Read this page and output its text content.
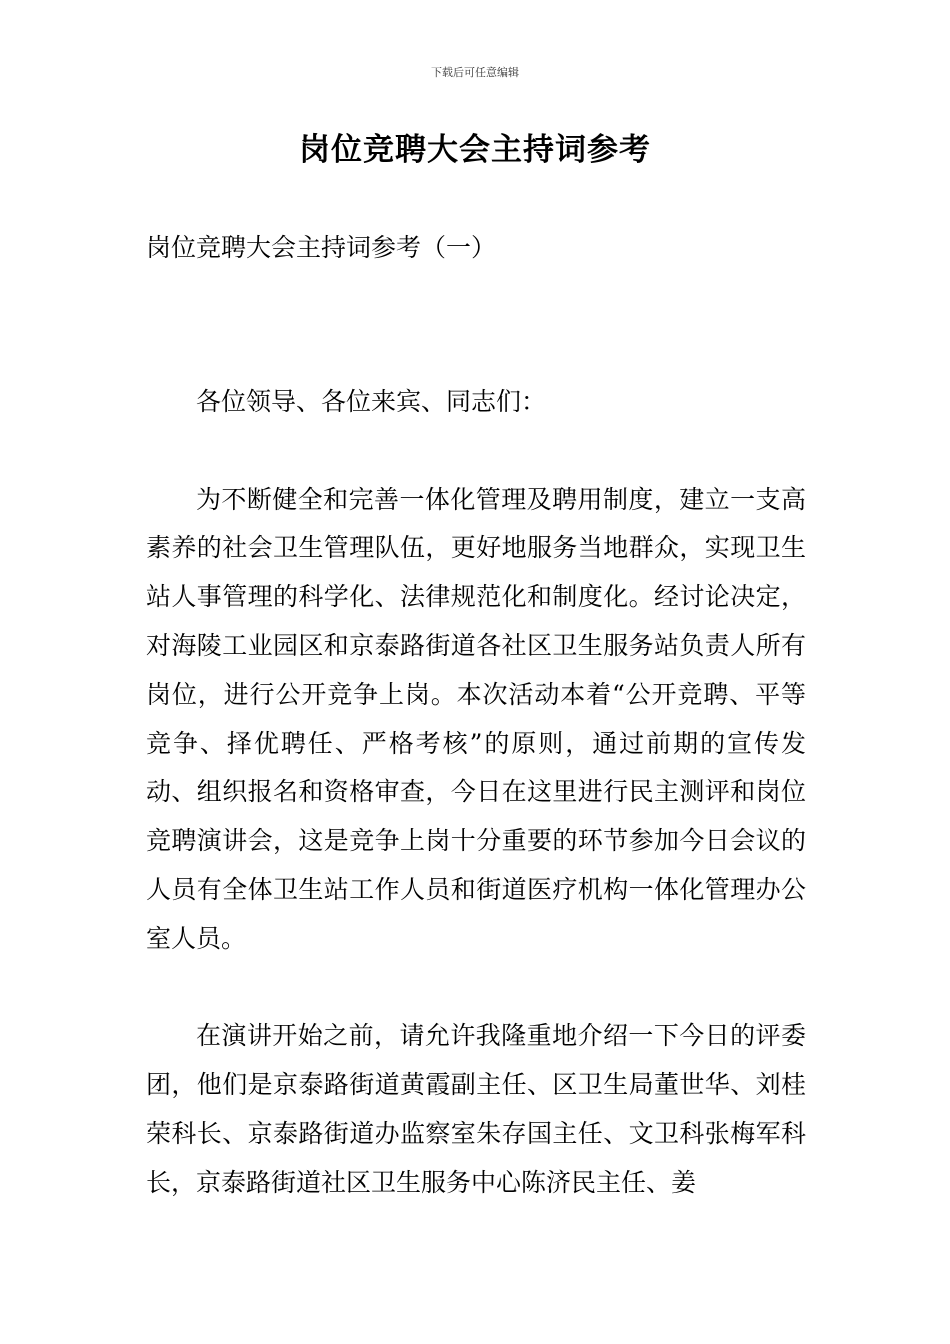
下载后可任意编辑
岗位竞聘大会主持词参考
岗位竞聘大会主持词参考（一）

各位领导、各位来宾、同志们：

为不断健全和完善一体化管理及聘用制度，建立一支高素养的社会卫生管理队伍，更好地服务当地群众，实现卫生站人事管理的科学化、法律规范化和制度化。经讨论决定，对海陵工业园区和京泰路街道各社区卫生服务站负责人所有岗位，进行公开竞争上岗。本次活动本着“公开竞聘、平等竞争、择优聘任、严格考核”的原则，通过前期的宣传发动、组织报名和资格审查，今日在这里进行民主测评和岗位竞聘演讲会，这是竞争上岗十分重要的环节参加今日会议的人员有全体卫生站工作人员和街道医疗机构一体化管理办公室人员。

在演讲开始之前，请允许我隆重地介绍一下今日的评委团，他们是京泰路街道黄霞副主任、区卫生局董世华、刘桂荣科长、京泰路街道办监察室朱存国主任、文卫科张梅军科长，京泰路街道社区卫生服务中心陈济民主任、姜
